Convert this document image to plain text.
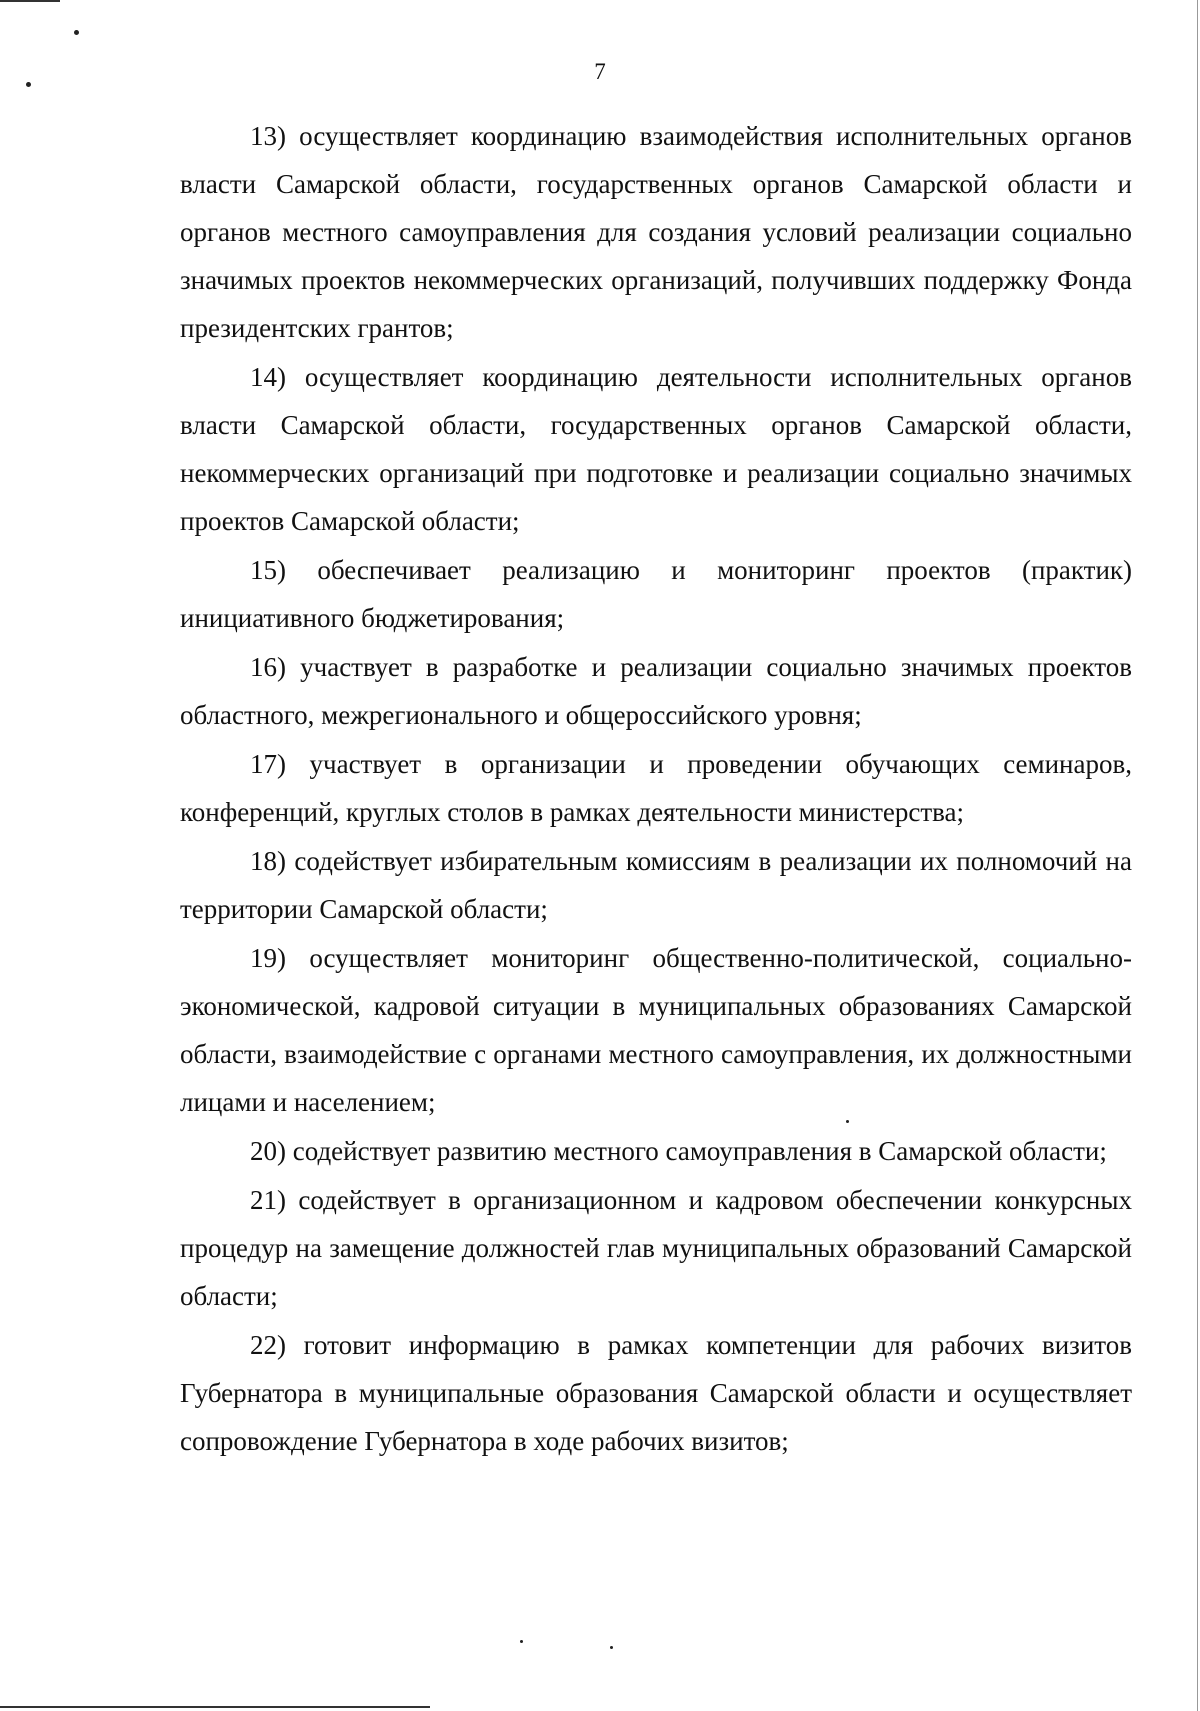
7

13) осуществляет координацию взаимодействия исполнительных органов власти Самарской области, государственных органов Самарской области и органов местного самоуправления для создания условий реализации социально значимых проектов некоммерческих организаций, получивших поддержку Фонда президентских грантов;

14) осуществляет координацию деятельности исполнительных органов власти Самарской области, государственных органов Самарской области, некоммерческих организаций при подготовке и реализации социально значимых проектов Самарской области;

15) обеспечивает реализацию и мониторинг проектов (практик) инициативного бюджетирования;

16) участвует в разработке и реализации социально значимых проектов областного, межрегионального и общероссийского уровня;

17) участвует в организации и проведении обучающих семинаров, конференций, круглых столов в рамках деятельности министерства;

18) содействует избирательным комиссиям в реализации их полномочий на территории Самарской области;

19) осуществляет мониторинг общественно-политической, социально-экономической, кадровой ситуации в муниципальных образованиях Самарской области, взаимодействие с органами местного самоуправления, их должностными лицами и населением;

20) содействует развитию местного самоуправления в Самарской области;

21) содействует в организационном и кадровом обеспечении конкурсных процедур на замещение должностей глав муниципальных образований Самарской области;

22) готовит информацию в рамках компетенции для рабочих визитов Губернатора в муниципальные образования Самарской области и осуществляет сопровождение Губернатора в ходе рабочих визитов;
